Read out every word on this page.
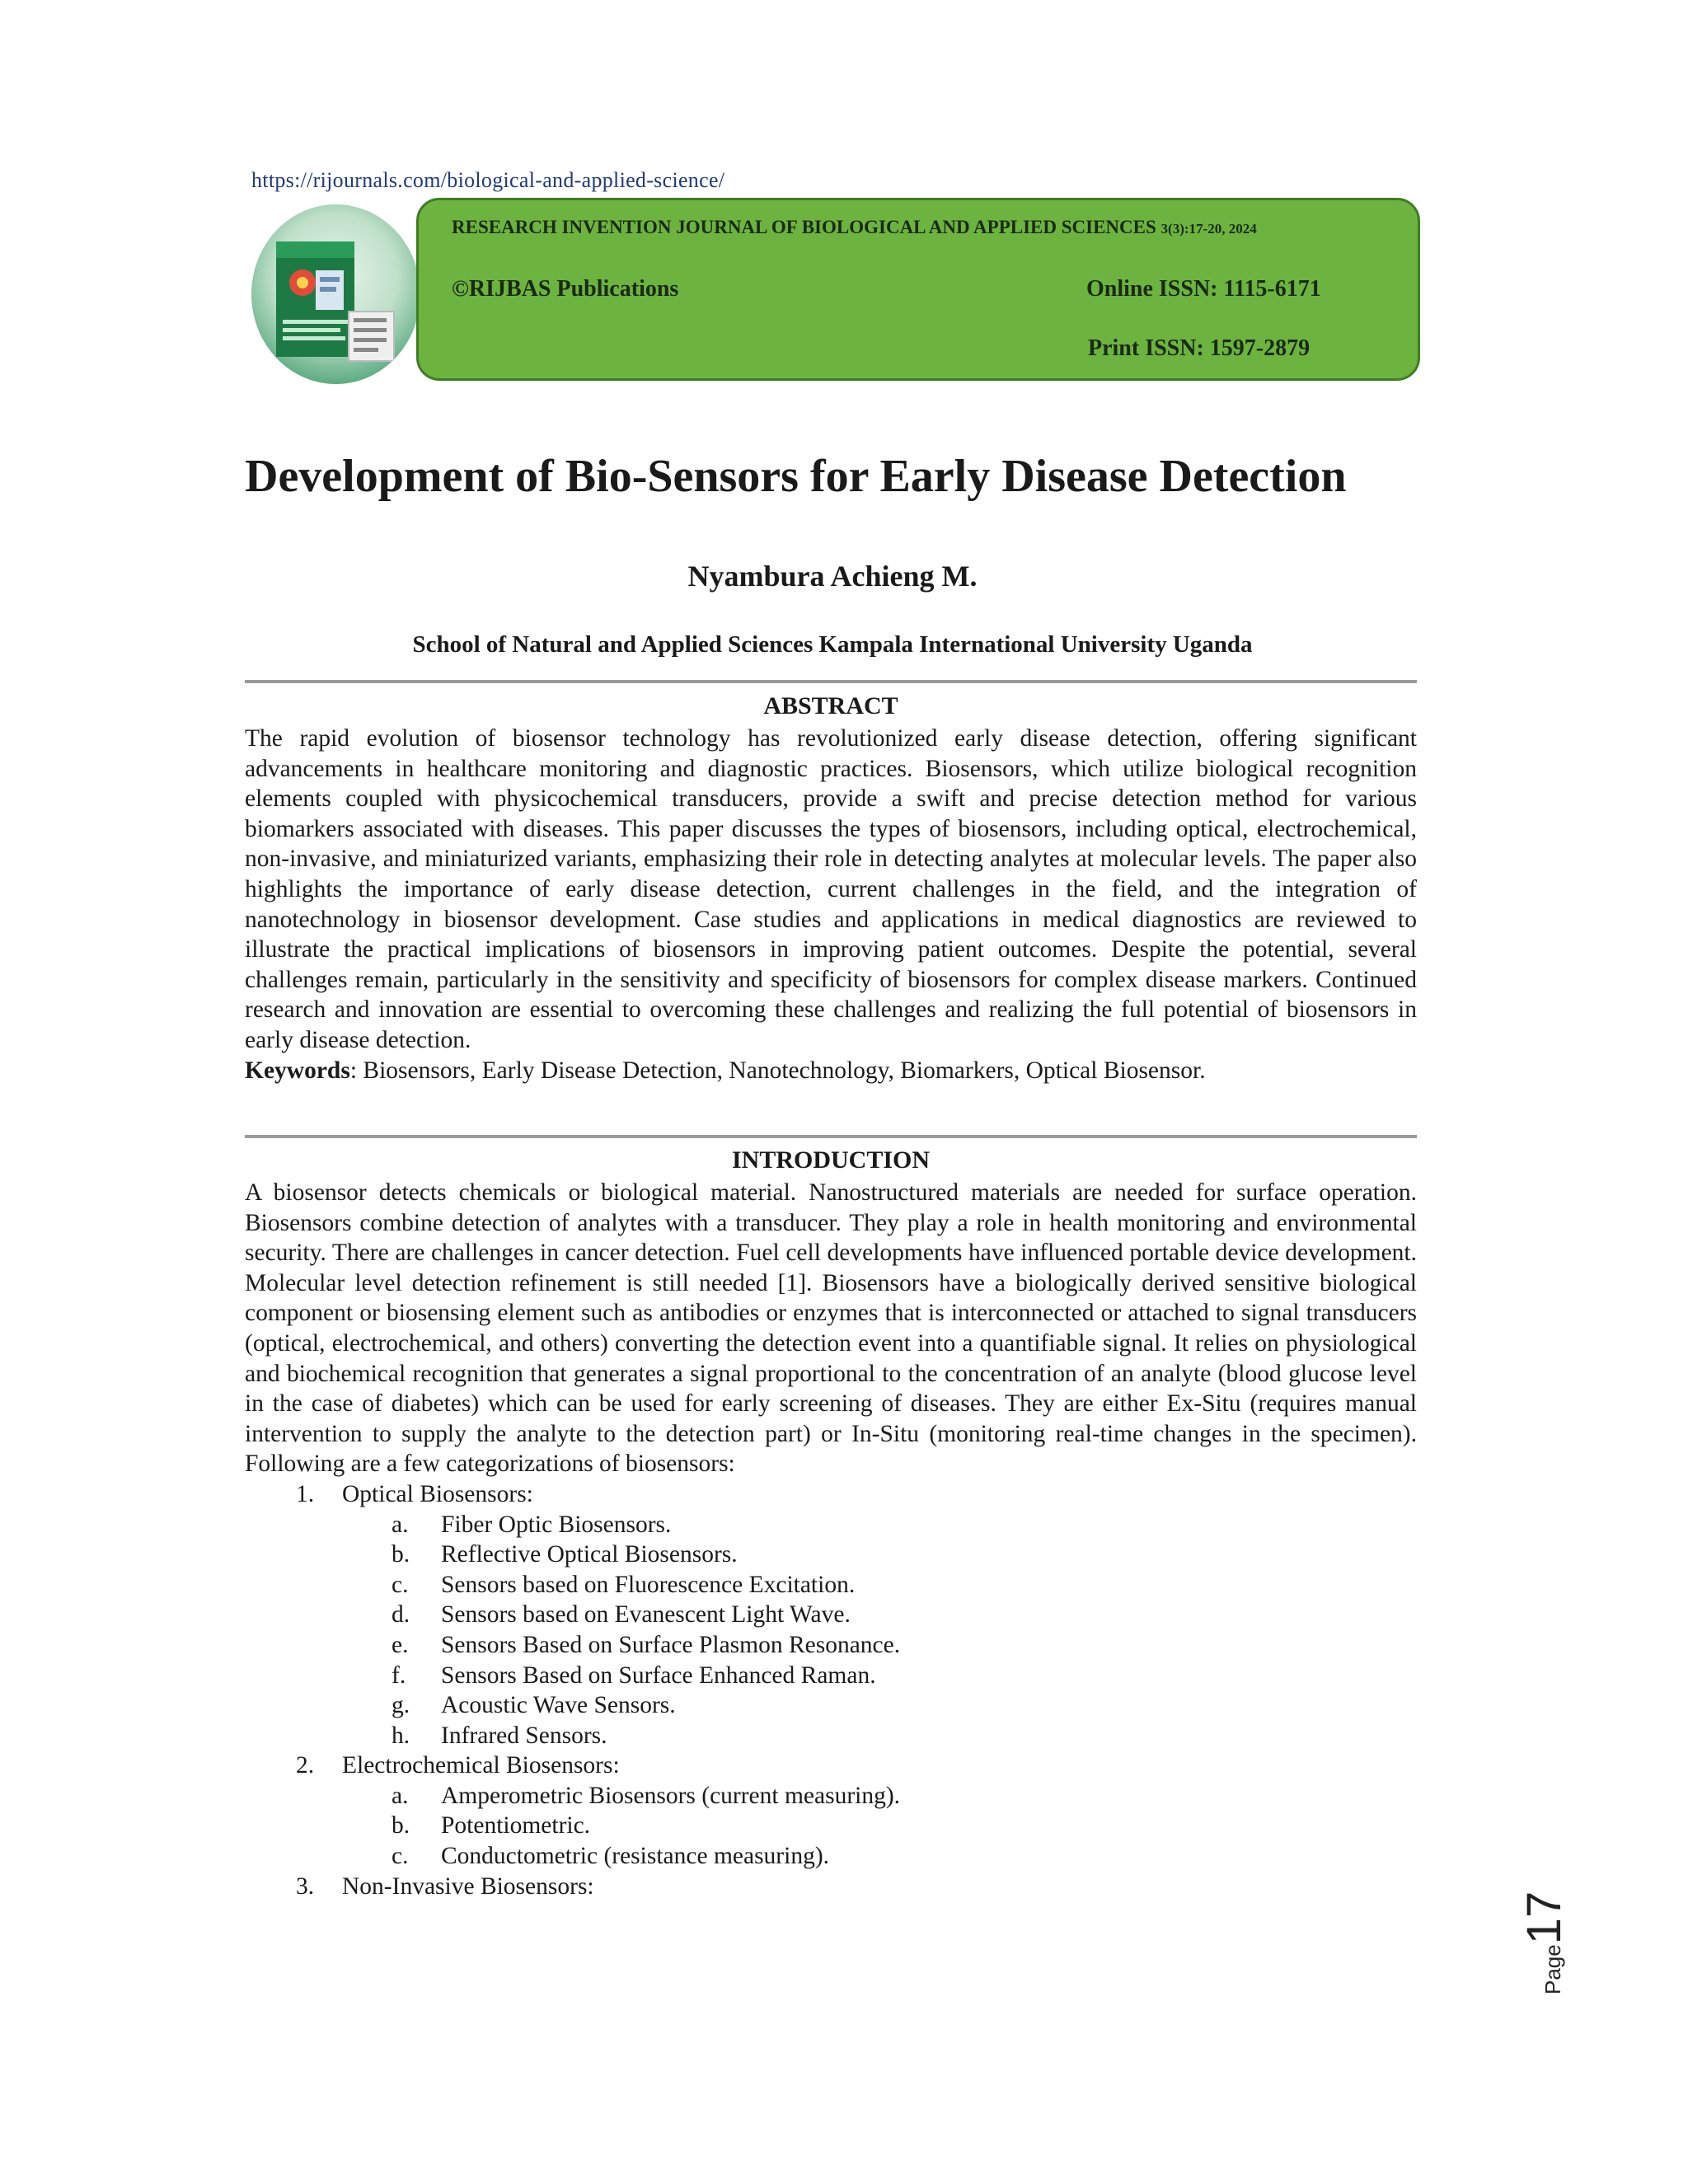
https://rijournals.com/biological-and-applied-science/
RESEARCH INVENTION JOURNAL OF BIOLOGICAL AND APPLIED SCIENCES 3(3):17-20, 2024
©RIJBAS Publications	Online ISSN: 1115-6171
Print ISSN: 1597-2879
Development of Bio-Sensors for Early Disease Detection
Nyambura Achieng M.
School of Natural and Applied Sciences Kampala International University Uganda
ABSTRACT

The rapid evolution of biosensor technology has revolutionized early disease detection, offering significant advancements in healthcare monitoring and diagnostic practices. Biosensors, which utilize biological recognition elements coupled with physicochemical transducers, provide a swift and precise detection method for various biomarkers associated with diseases. This paper discusses the types of biosensors, including optical, electrochemical, non-invasive, and miniaturized variants, emphasizing their role in detecting analytes at molecular levels. The paper also highlights the importance of early disease detection, current challenges in the field, and the integration of nanotechnology in biosensor development. Case studies and applications in medical diagnostics are reviewed to illustrate the practical implications of biosensors in improving patient outcomes. Despite the potential, several challenges remain, particularly in the sensitivity and specificity of biosensors for complex disease markers. Continued research and innovation are essential to overcoming these challenges and realizing the full potential of biosensors in early disease detection.

Keywords: Biosensors, Early Disease Detection, Nanotechnology, Biomarkers, Optical Biosensor.

INTRODUCTION

A biosensor detects chemicals or biological material. Nanostructured materials are needed for surface operation. Biosensors combine detection of analytes with a transducer. They play a role in health monitoring and environmental security. There are challenges in cancer detection. Fuel cell developments have influenced portable device development. Molecular level detection refinement is still needed [1]. Biosensors have a biologically derived sensitive biological component or biosensing element such as antibodies or enzymes that is interconnected or attached to signal transducers (optical, electrochemical, and others) converting the detection event into a quantifiable signal. It relies on physiological and biochemical recognition that generates a signal proportional to the concentration of an analyte (blood glucose level in the case of diabetes) which can be used for early screening of diseases. They are either Ex-Situ (requires manual intervention to supply the analyte to the detection part) or In-Situ (monitoring real-time changes in the specimen). Following are a few categorizations of biosensors:

1. Optical Biosensors:
a. Fiber Optic Biosensors.
b. Reflective Optical Biosensors.
c. Sensors based on Fluorescence Excitation.
d. Sensors based on Evanescent Light Wave.
e. Sensors Based on Surface Plasmon Resonance.
f. Sensors Based on Surface Enhanced Raman.
g. Acoustic Wave Sensors.
h. Infrared Sensors.
2. Electrochemical Biosensors:
a. Amperometric Biosensors (current measuring).
b. Potentiometric.
c. Conductometric (resistance measuring).
3. Non-Invasive Biosensors:
Page17
